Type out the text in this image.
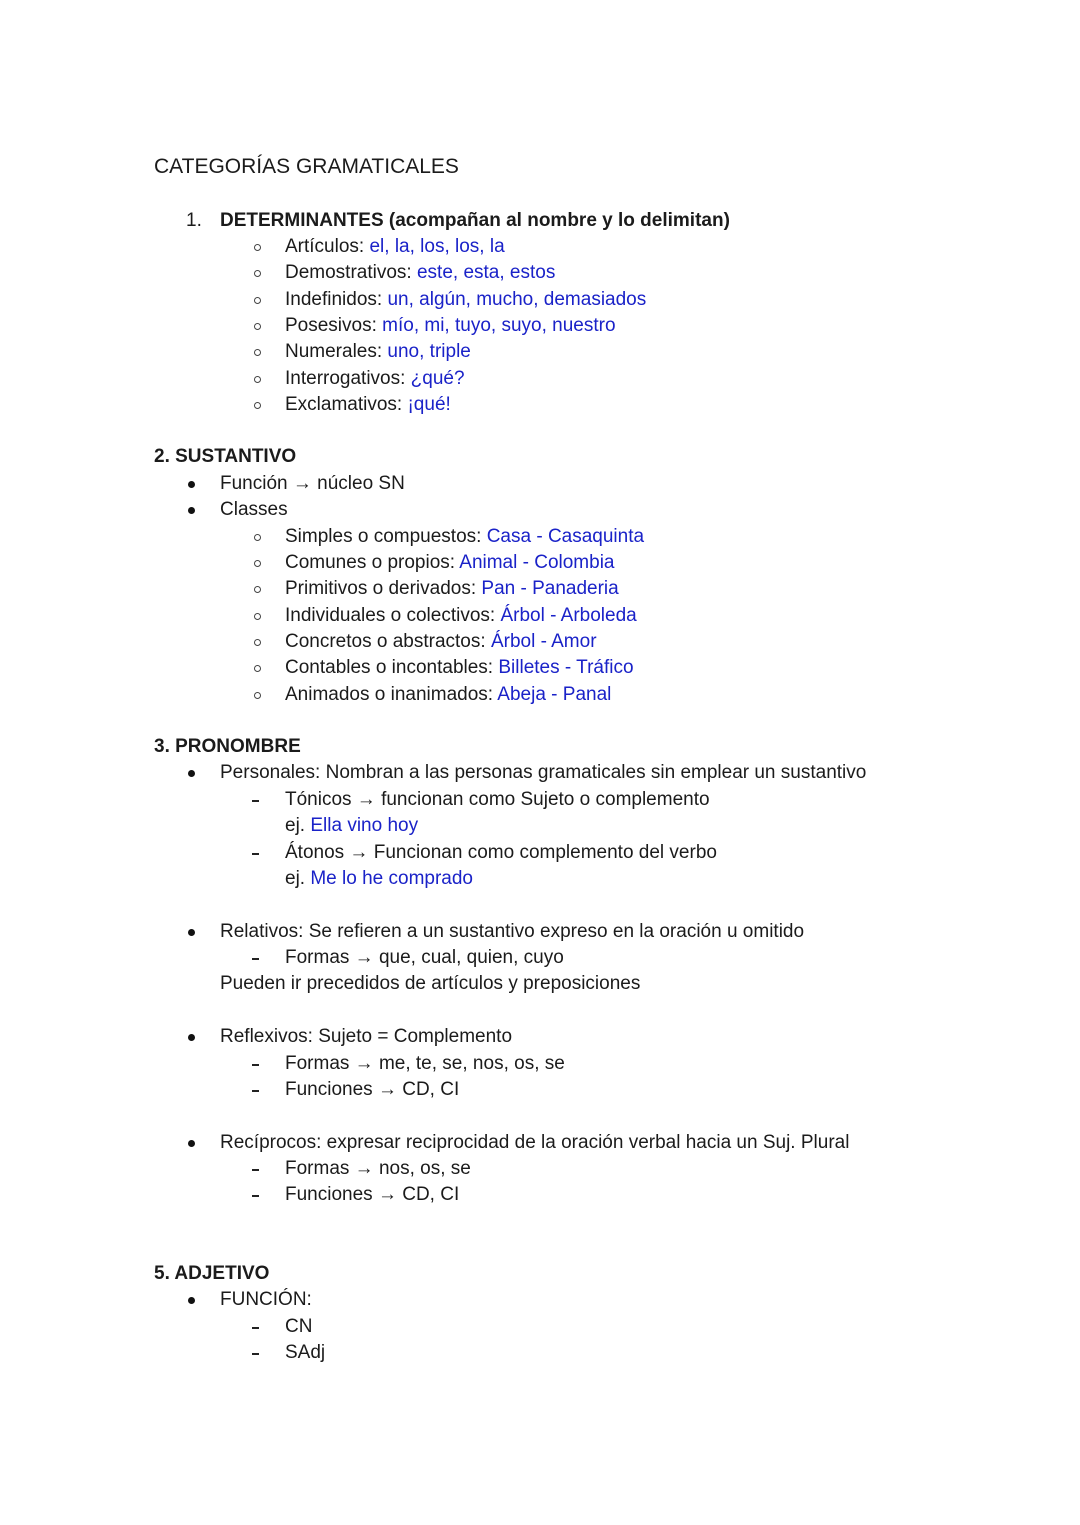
CATEGORÍAS GRAMATICALES
1. DETERMINANTES (acompañan al nombre y lo delimitan)
Artículos: el, la, los, los, la
Demostrativos: este, esta, estos
Indefinidos: un, algún, mucho, demasiados
Posesivos: mío, mi, tuyo, suyo, nuestro
Numerales: uno, triple
Interrogativos: ¿qué?
Exclamativos: ¡qué!
2. SUSTANTIVO
Función → núcleo SN
Classes
Simples o compuestos: Casa - Casaquinta
Comunes o propios: Animal - Colombia
Primitivos o derivados: Pan - Panaderia
Individuales o colectivos: Árbol - Arboleda
Concretos o abstractos: Árbol - Amor
Contables o incontables: Billetes - Tráfico
Animados o inanimados: Abeja - Panal
3. PRONOMBRE
Personales: Nombran a las personas gramaticales sin emplear un sustantivo
Tónicos → funcionan como Sujeto o complemento
ej. Ella vino hoy
Átonos → Funcionan como complemento del verbo
ej. Me lo he comprado
Relativos: Se refieren a un sustantivo expreso en la oración u omitido
Formas → que, cual, quien, cuyo
Pueden ir precedidos de artículos y preposiciones
Reflexivos: Sujeto = Complemento
Formas → me, te, se, nos, os, se
Funciones → CD, CI
Recíprocos: expresar reciprocidad de la oración verbal hacia un Suj. Plural
Formas → nos, os, se
Funciones → CD, CI
5. ADJETIVO
FUNCIÓN:
CN
SAdj
